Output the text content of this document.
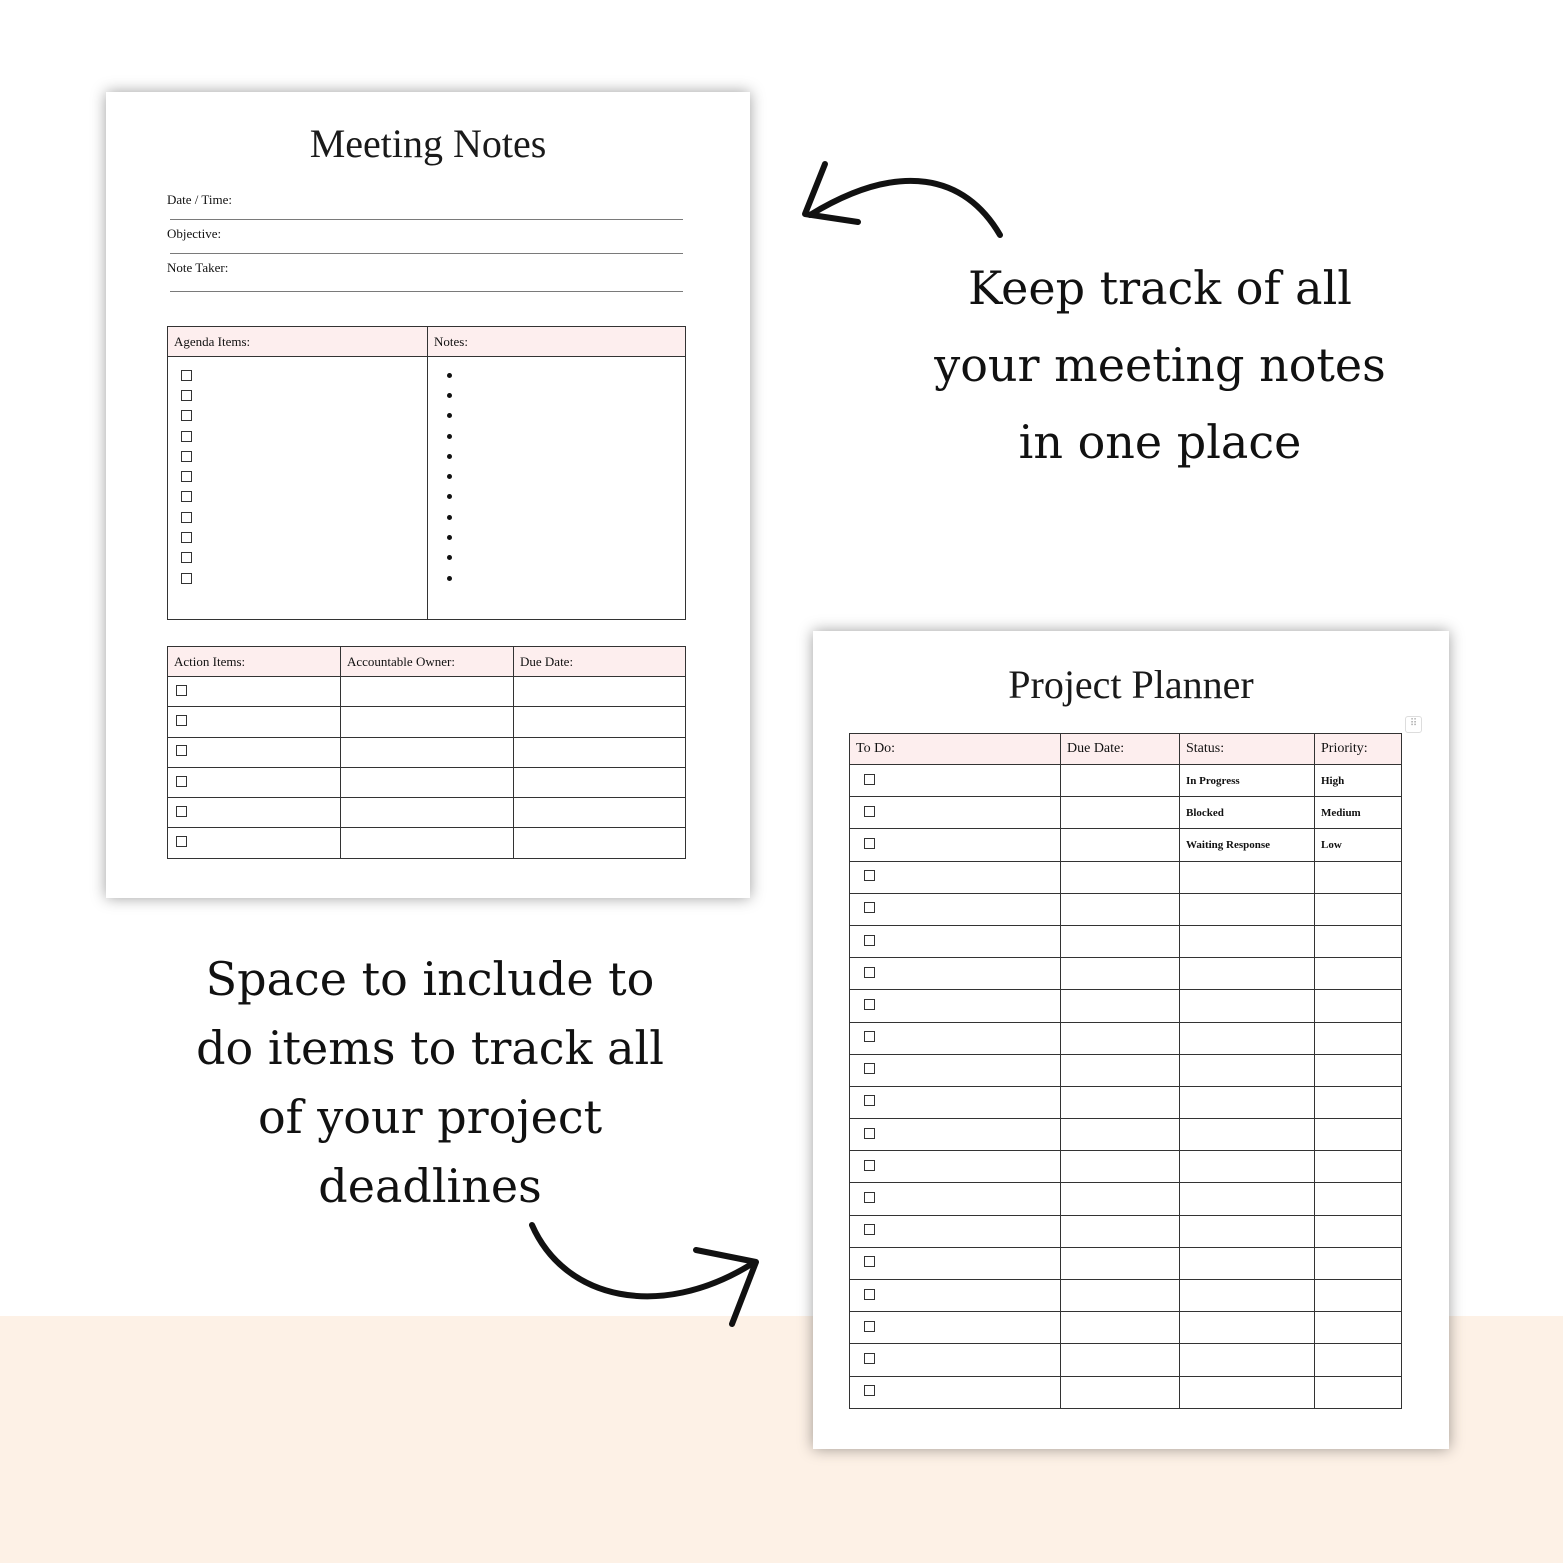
Meeting Notes
Date / Time:
Objective:
Note Taker:
Agenda Items:	Notes:

Action Items:	Accountable Owner:	Due Date:

Project Planner
⠿
To Do:	Due Date:	Status:	Priority:
		In Progress	High
		Blocked	Medium
		Waiting Response	Low

Keep track of all
your meeting notes
in one place

Space to include to
do items to track all
of your project
deadlines
